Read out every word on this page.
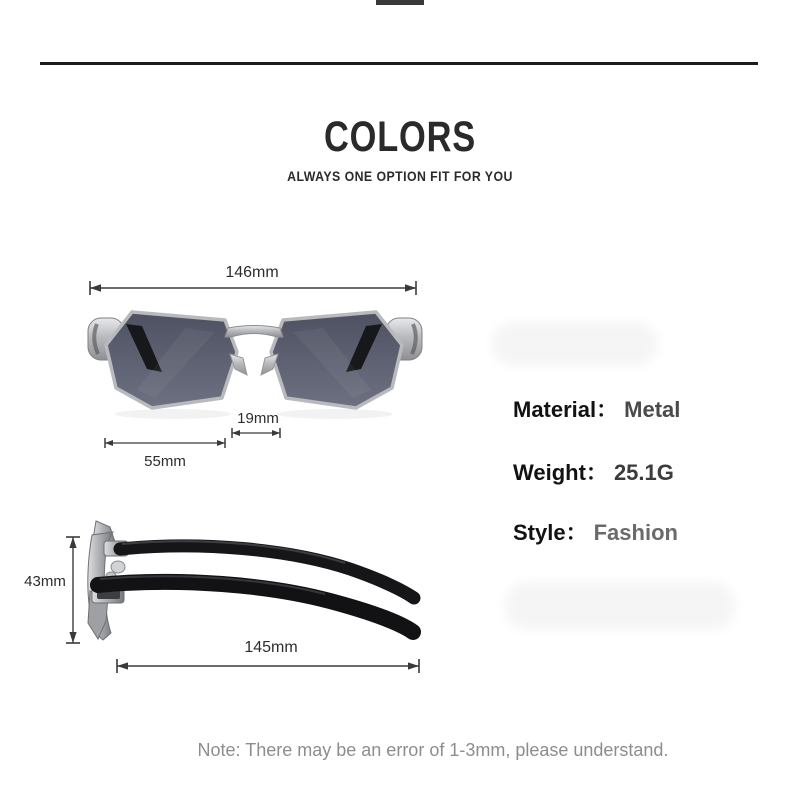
COLORS
ALWAYS ONE OPTION FIT FOR YOU
146mm
19mm
55mm
Material： Metal
Weight： 25.1G
Style： Fashion
43mm
145mm
Note: There may be an error of 1-3mm, please understand.
